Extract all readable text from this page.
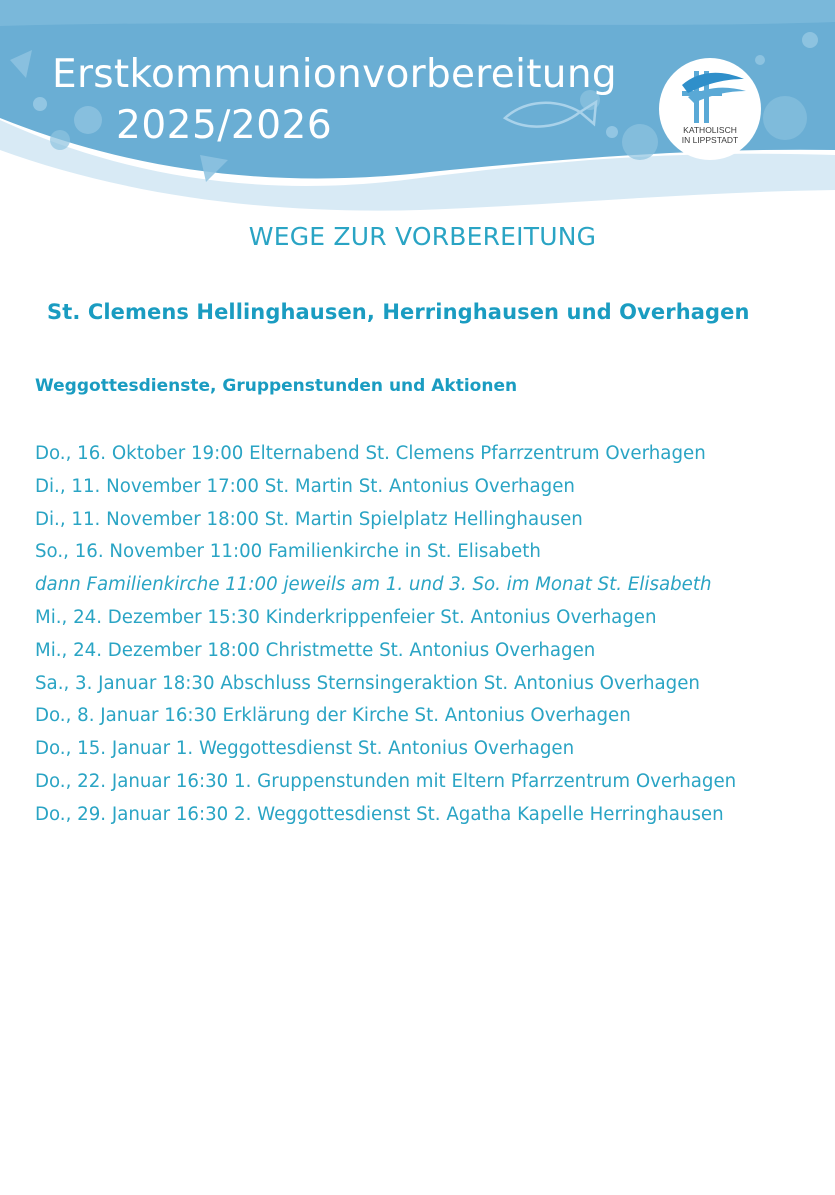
Erstkommunionvorbereitung
2025/2026	KATHOLISCH
IN LIPPSTADT
WEGE ZUR VORBEREITUNG
St. Clemens Hellinghausen, Herringhausen und Overhagen
Weggottesdienste, Gruppenstunden und Aktionen
Do., 16. Oktober 19:00 Elternabend St. Clemens Pfarrzentrum Overhagen
Di., 11. November 17:00 St. Martin St. Antonius Overhagen
Di., 11. November 18:00 St. Martin Spielplatz Hellinghausen
So., 16. November 11:00 Familienkirche in St. Elisabeth
dann Familienkirche 11:00 jeweils am 1. und 3. So. im Monat St. Elisabeth
Mi., 24. Dezember 15:30 Kinderkrippenfeier St. Antonius Overhagen
Mi., 24. Dezember 18:00 Christmette St. Antonius Overhagen
Sa., 3. Januar 18:30 Abschluss Sternsingeraktion St. Antonius Overhagen
Do., 8. Januar 16:30 Erklärung der Kirche St. Antonius Overhagen
Do., 15. Januar 1. Weggottesdienst St. Antonius Overhagen
Do., 22. Januar 16:30 1. Gruppenstunden mit Eltern Pfarrzentrum Overhagen
Do., 29. Januar 16:30 2. Weggottesdienst St. Agatha Kapelle Herringhausen
